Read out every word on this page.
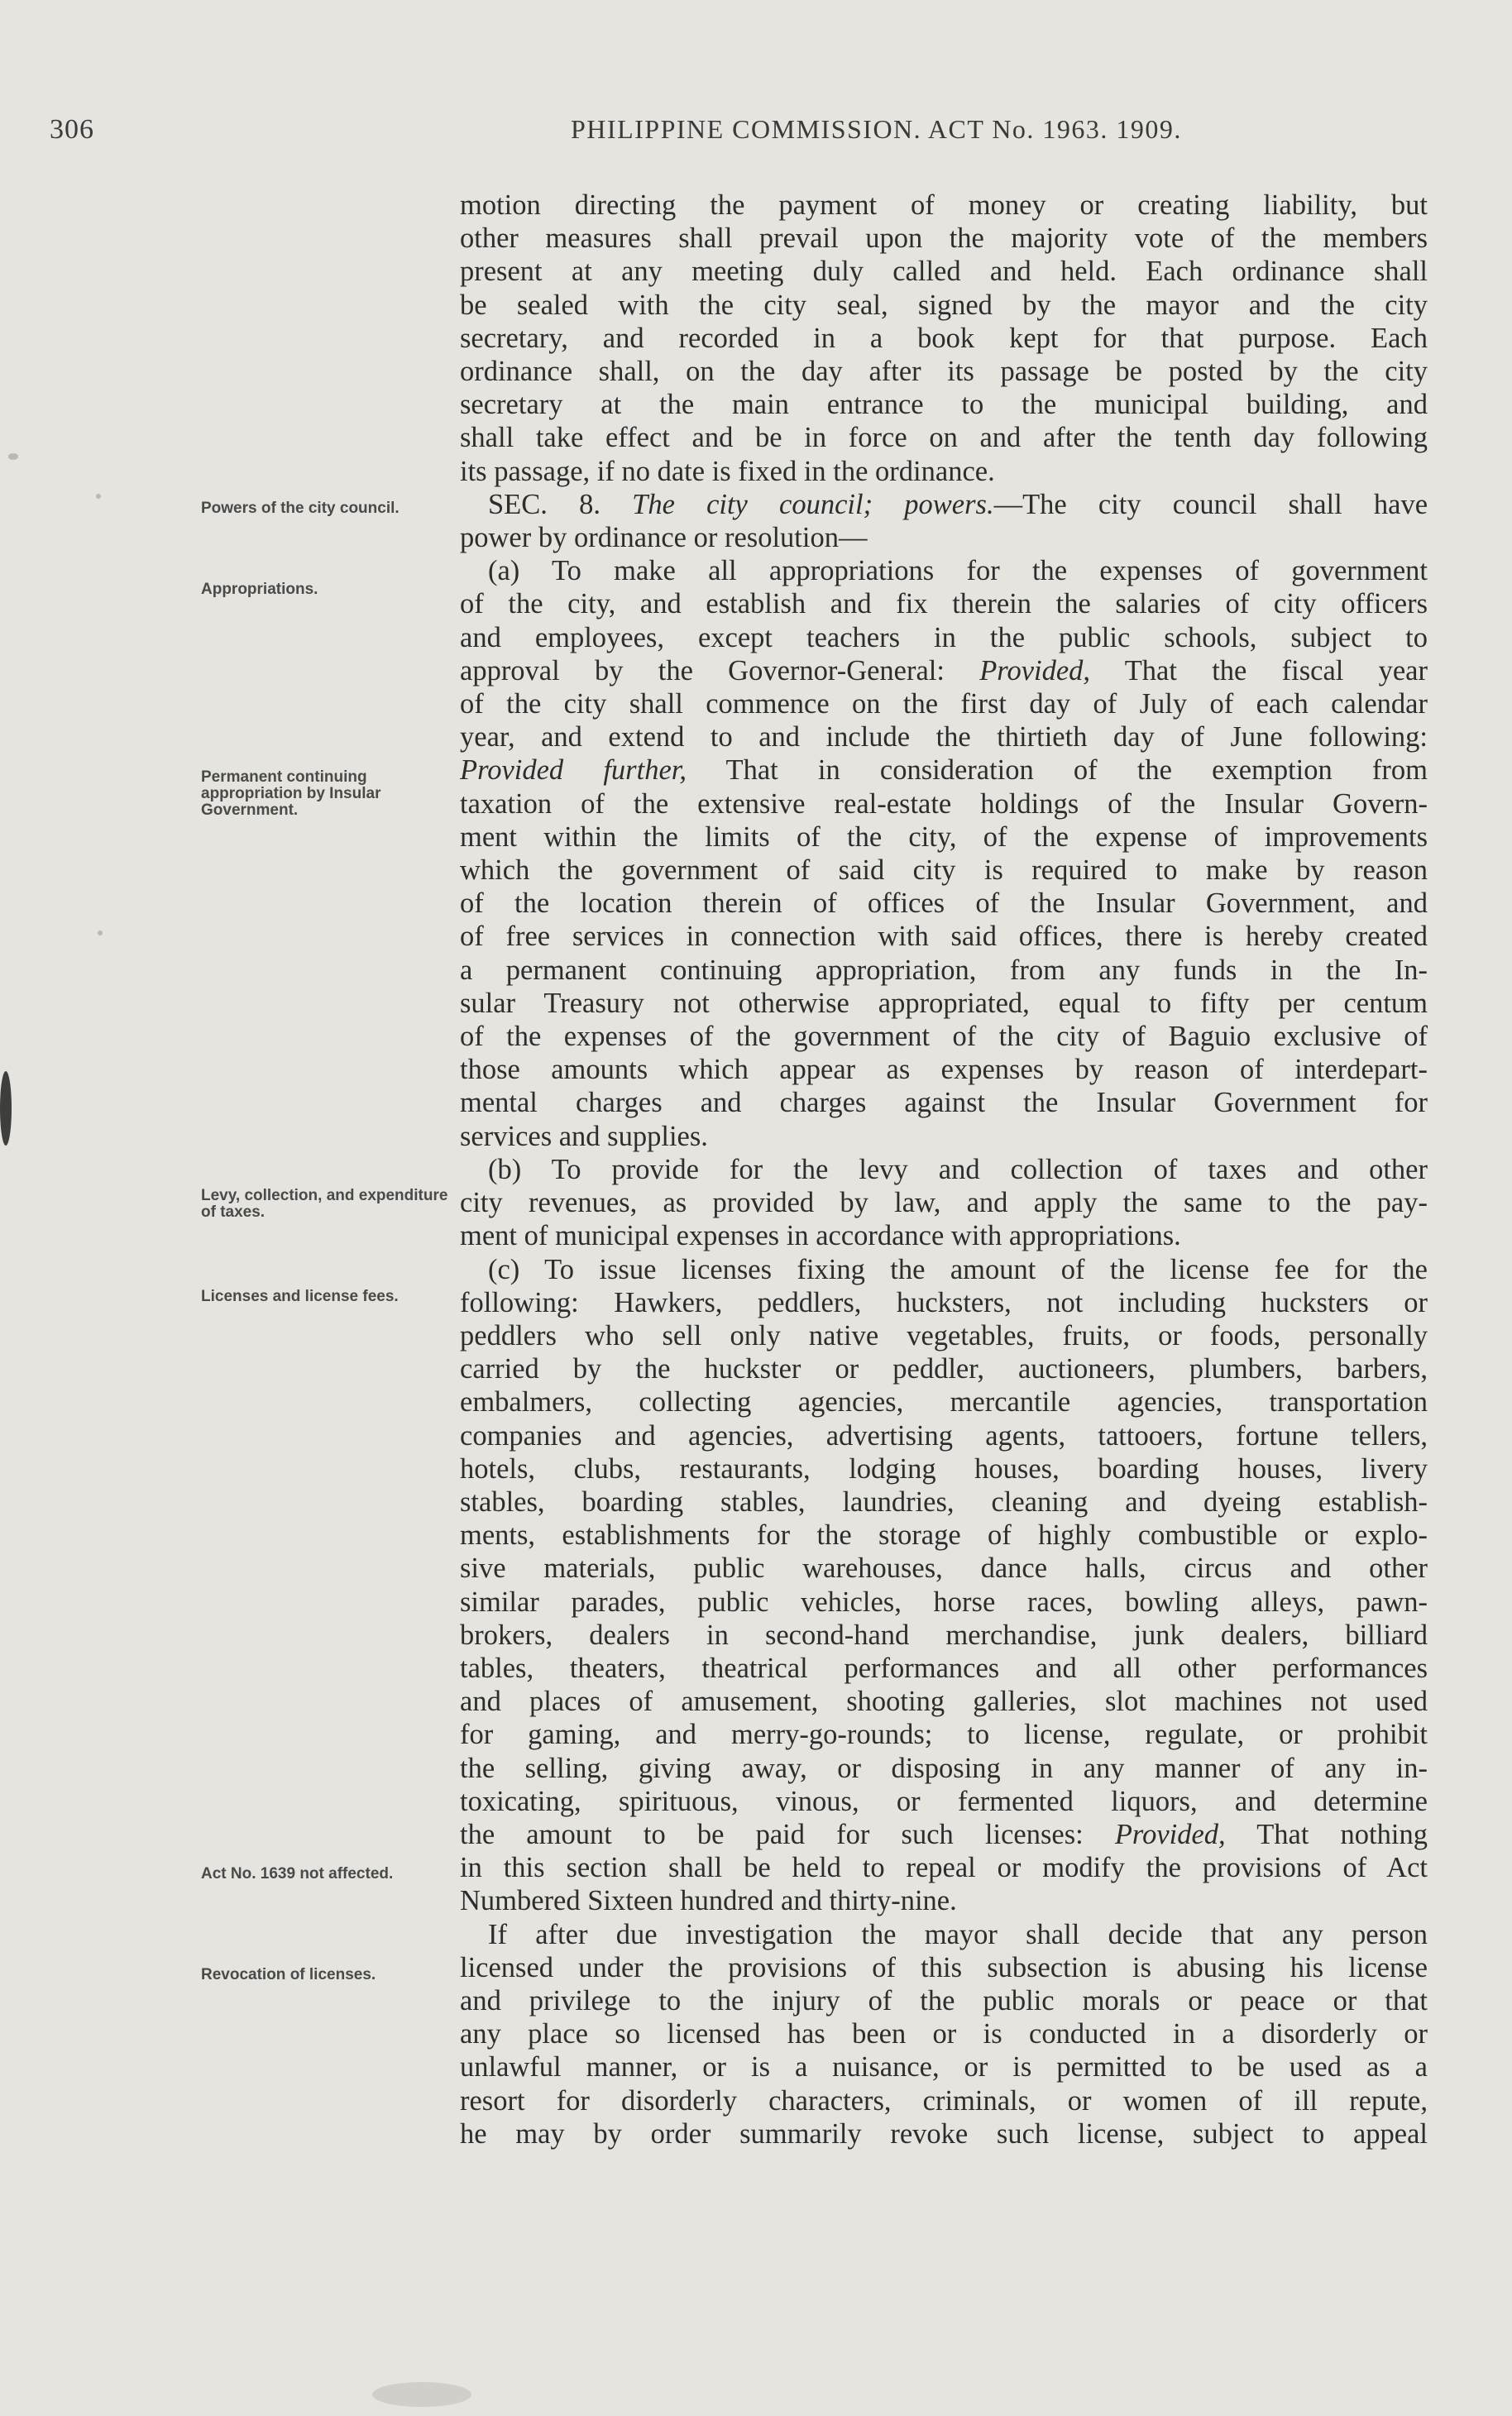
306	PHILIPPINE COMMISSION. ACT No. 1963. 1909.
Powers of the city council.
Appropriations.
Permanent continuing appropriation by Insular Government.
Levy, collection, and expenditure of taxes.
Licenses and license fees.
Act No. 1639 not affected.
Revocation of licenses.
motion directing the payment of money or creating liability, but
other measures shall prevail upon the majority vote of the members
present at any meeting duly called and held. Each ordinance shall
be sealed with the city seal, signed by the mayor and the city
secretary, and recorded in a book kept for that purpose. Each
ordinance shall, on the day after its passage be posted by the city
secretary at the main entrance to the municipal building, and
shall take effect and be in force on and after the tenth day following
its passage, if no date is fixed in the ordinance.
SEC. 8. The city council; powers.—The city council shall have
power by ordinance or resolution—
(a) To make all appropriations for the expenses of government
of the city, and establish and fix therein the salaries of city officers
and employees, except teachers in the public schools, subject to
approval by the Governor-General: Provided, That the fiscal year
of the city shall commence on the first day of July of each calendar
year, and extend to and include the thirtieth day of June following:
Provided further, That in consideration of the exemption from
taxation of the extensive real-estate holdings of the Insular Govern-
ment within the limits of the city, of the expense of improvements
which the government of said city is required to make by reason
of the location therein of offices of the Insular Government, and
of free services in connection with said offices, there is hereby created
a permanent continuing appropriation, from any funds in the In-
sular Treasury not otherwise appropriated, equal to fifty per centum
of the expenses of the government of the city of Baguio exclusive of
those amounts which appear as expenses by reason of interdepart-
mental charges and charges against the Insular Government for
services and supplies.
(b) To provide for the levy and collection of taxes and other
city revenues, as provided by law, and apply the same to the pay-
ment of municipal expenses in accordance with appropriations.
(c) To issue licenses fixing the amount of the license fee for the
following: Hawkers, peddlers, hucksters, not including hucksters or
peddlers who sell only native vegetables, fruits, or foods, personally
carried by the huckster or peddler, auctioneers, plumbers, barbers,
embalmers, collecting agencies, mercantile agencies, transportation
companies and agencies, advertising agents, tattooers, fortune tellers,
hotels, clubs, restaurants, lodging houses, boarding houses, livery
stables, boarding stables, laundries, cleaning and dyeing establish-
ments, establishments for the storage of highly combustible or explo-
sive materials, public warehouses, dance halls, circus and other
similar parades, public vehicles, horse races, bowling alleys, pawn-
brokers, dealers in second-hand merchandise, junk dealers, billiard
tables, theaters, theatrical performances and all other performances
and places of amusement, shooting galleries, slot machines not used
for gaming, and merry-go-rounds; to license, regulate, or prohibit
the selling, giving away, or disposing in any manner of any in-
toxicating, spirituous, vinous, or fermented liquors, and determine
the amount to be paid for such licenses: Provided, That nothing
in this section shall be held to repeal or modify the provisions of Act
Numbered Sixteen hundred and thirty-nine.
If after due investigation the mayor shall decide that any person
licensed under the provisions of this subsection is abusing his license
and privilege to the injury of the public morals or peace or that
any place so licensed has been or is conducted in a disorderly or
unlawful manner, or is a nuisance, or is permitted to be used as a
resort for disorderly characters, criminals, or women of ill repute,
he may by order summarily revoke such license, subject to appeal
